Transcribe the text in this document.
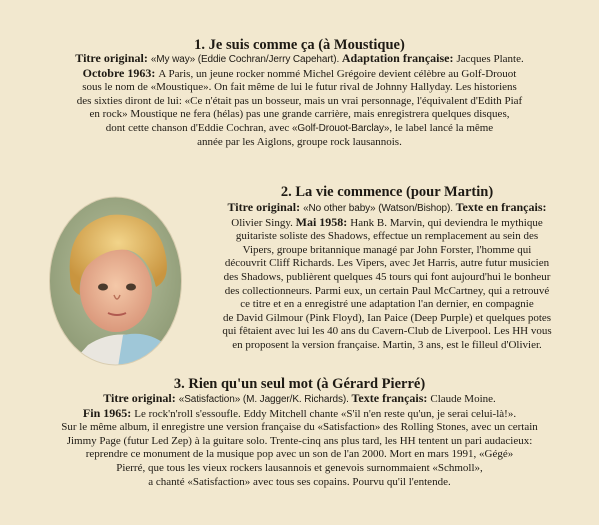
1. Je suis comme ça (à Moustique)
Titre original: «My way» (Eddie Cochran/Jerry Capehart). Adaptation française: Jacques Plante.
Octobre 1963: A Paris, un jeune rocker nommé Michel Grégoire devient célèbre au Golf-Drouot
sous le nom de «Moustique». On fait même de lui le futur rival de Johnny Hallyday. Les historiens
des sixties diront de lui: «Ce n'était pas un bosseur, mais un vrai personnage, l'équivalent d'Edith Piaf
en rock» Moustique ne fera (hélas) pas une grande carrière, mais enregistrera quelques disques,
dont cette chanson d'Eddie Cochran, avec «Golf-Drouot-Barclay», le label lancé la même
année par les Aiglons, groupe rock lausannois.
2. La vie commence (pour Martin)
Titre original: «No other baby» (Watson/Bishop). Texte en français:
Olivier Singy. Mai 1958: Hank B. Marvin, qui deviendra le mythique
guitariste soliste des Shadows, effectue un remplacement au sein des
Vipers, groupe britannique managé par John Forster, l'homme qui
découvrit Cliff Richards. Les Vipers, avec Jet Harris, autre futur musicien
des Shadows, publièrent quelques 45 tours qui font aujourd'hui le bonheur
des collectionneurs. Parmi eux, un certain Paul McCartney, qui a retrouvé
ce titre et en a enregistré une adaptation l'an dernier, en compagnie
de David Gilmour (Pink Floyd), Ian Paice (Deep Purple) et quelques potes
qui fêtaient avec lui les 40 ans du Cavern-Club de Liverpool. Les HH vous
en proposent la version française. Martin, 3 ans, est le filleul d'Olivier.
3. Rien qu'un seul mot (à Gérard Pierré)
Titre original: «Satisfaction» (M. Jagger/K. Richards). Texte français: Claude Moine.
Fin 1965: Le rock'n'roll s'essoufle. Eddy Mitchell chante «S'il n'en reste qu'un, je serai celui-là!».
Sur le même album, il enregistre une version française du «Satisfaction» des Rolling Stones, avec un certain
Jimmy Page (futur Led Zep) à la guitare solo. Trente-cinq ans plus tard, les HH tentent un pari audacieux:
reprendre ce monument de la musique pop avec un son de l'an 2000. Mort en mars 1991, «Gégé»
Pierré, que tous les vieux rockers lausannois et genevois surnommaient «Schmoll»,
a chanté «Satisfaction» avec tous ses copains. Pourvu qu'il l'entende.
